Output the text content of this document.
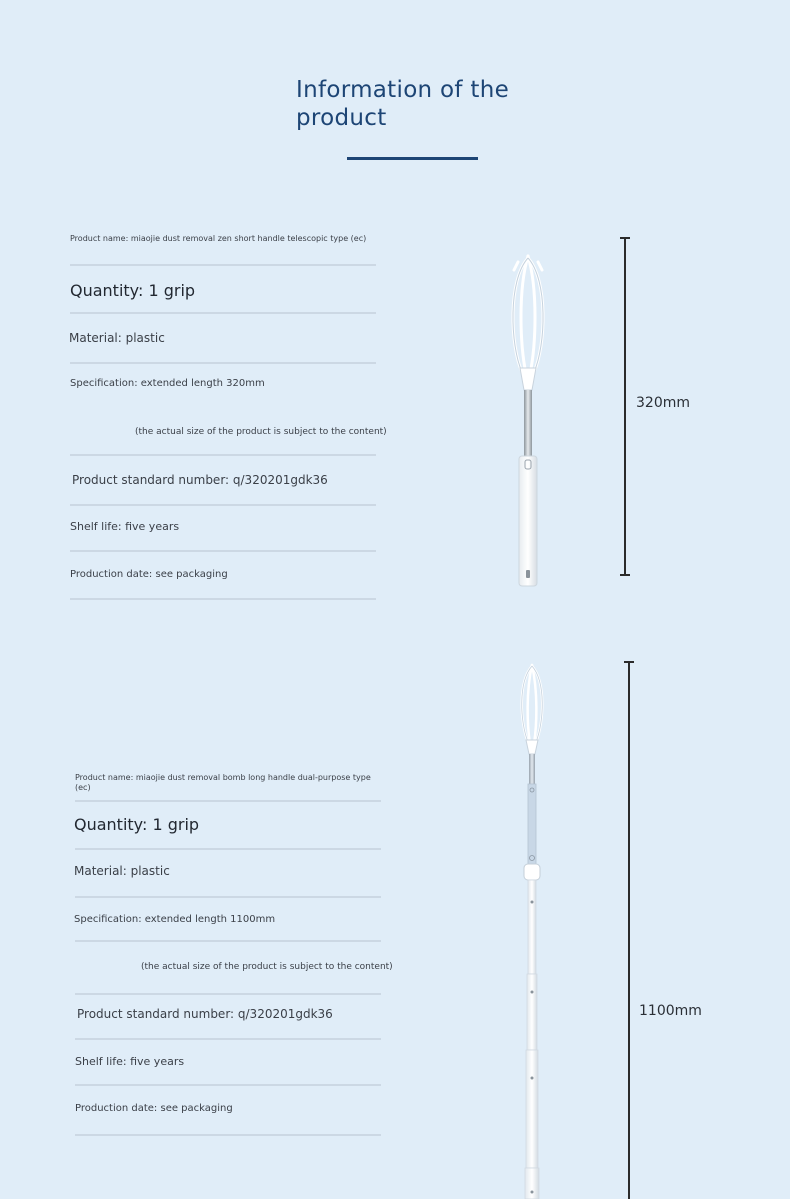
Information of the product
Product name: miaojie dust removal zen short handle telescopic type (ec)
Quantity: 1 grip
Material: plastic
Specification: extended length 320mm
(the actual size of the product is subject to the content)
Product standard number: q/320201gdk36
Shelf life: five years
Production date: see packaging
320mm
Product name: miaojie dust removal bomb long handle dual-purpose type (ec)
Quantity: 1 grip
Material: plastic
Specification: extended length 1100mm
(the actual size of the product is subject to the content)
Product standard number: q/320201gdk36
Shelf life: five years
Production date: see packaging
1100mm
